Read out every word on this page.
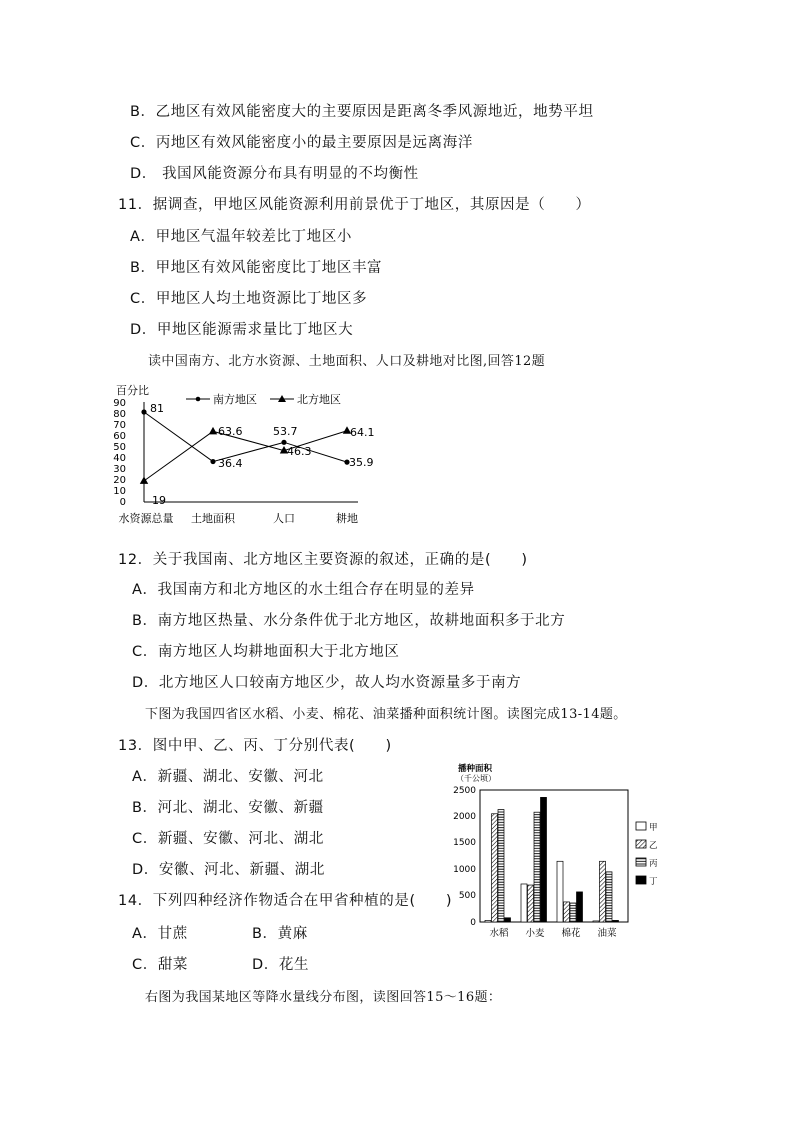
B．乙地区有效风能密度大的主要原因是距离冬季风源地近，地势平坦
C．丙地区有效风能密度小的最主要原因是远离海洋
D． 我国风能资源分布具有明显的不均衡性
11．据调查，甲地区风能资源利用前景优于丁地区，其原因是（　　）
A．甲地区气温年较差比丁地区小
B．甲地区有效风能密度比丁地区丰富
C．甲地区人均土地资源比丁地区多
D．甲地区能源需求量比丁地区大
读中国南方、北方水资源、土地面积、人口及耕地对比图,回答12题
百分比
90
80
70
60
50
40
30
20
10
0
南方地区	北方地区
水资源总量 土地面积	人口	耕地
81
36.4
53.7
35.9
19
63.6
46.3
64.1
12．关于我国南、北方地区主要资源的叙述，正确的是(　　)
A．我国南方和北方地区的水土组合存在明显的差异
B．南方地区热量、水分条件优于北方地区，故耕地面积多于北方
C．南方地区人均耕地面积大于北方地区
D．北方地区人口较南方地区少，故人均水资源量多于南方
下图为我国四省区水稻、小麦、棉花、油菜播种面积统计图。读图完成13-14题。
13．图中甲、乙、丙、丁分别代表(　　)
A．新疆、湖北、安徽、河北
B．河北、湖北、安徽、新疆
C．新疆、安徽、河北、湖北
D．安徽、河北、新疆、湖北
14．下列四种经济作物适合在甲省种植的是(　　)
A．甘蔗	B．黄麻
C．甜菜	D．花生
播种面积
（千公顷）
2500
2000
1500
1000
500
0
水稻 小麦 棉花 油菜
甲
乙
丙
丁
右图为我国某地区等降水量线分布图，读图回答15～16题：
